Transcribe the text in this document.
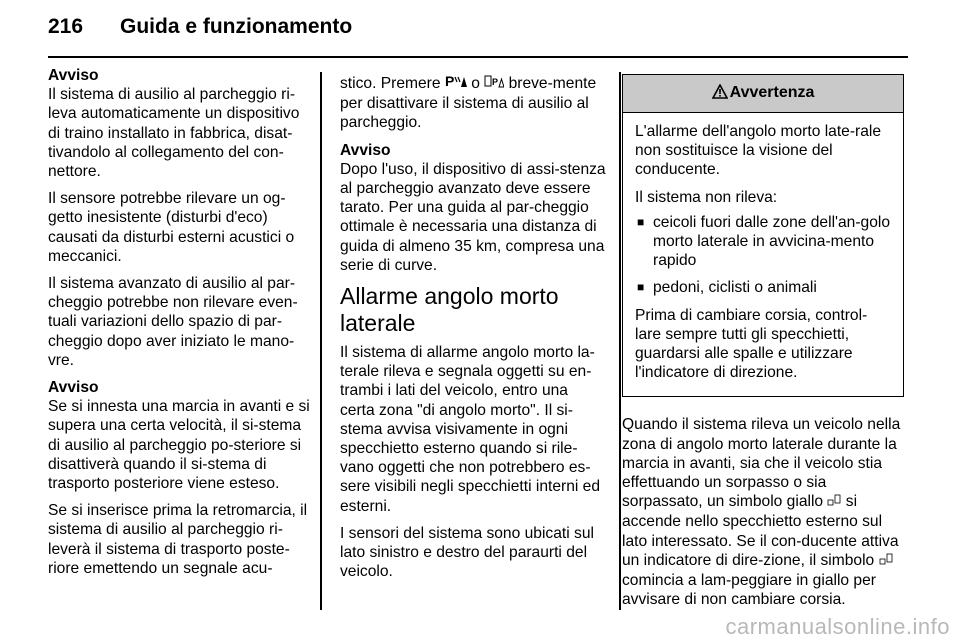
216 Guida e funzionamento
Avviso

Il sistema di ausilio al parcheggio ri-leva automaticamente un dispositivo di traino installato in fabbrica, disat-tivandolo al collegamento del con-nettore.

Il sensore potrebbe rilevare un og-getto inesistente (disturbi d'eco) causati da disturbi esterni acustici o meccanici.

Il sistema avanzato di ausilio al par-cheggio potrebbe non rilevare even-tuali variazioni dello spazio di par-cheggio dopo aver iniziato le mano-vre.

Avviso

Se si innesta una marcia in avanti e si supera una certa velocità, il si-stema di ausilio al parcheggio po-steriore si disattiverà quando il si-stema di trasporto posteriore viene esteso.

Se si inserisce prima la retromarcia, il sistema di ausilio al parcheggio ri-leverà il sistema di trasporto poste-riore emettendo un segnale acu-

stico. Premere P o P breve-mente per disattivare il sistema di ausilio al parcheggio.

Avviso

Dopo l'uso, il dispositivo di assi-stenza al parcheggio avanzato deve essere tarato. Per una guida al par-cheggio ottimale è necessaria una distanza di guida di almeno 35 km, compresa una serie di curve.

Allarme angolo morto laterale

Il sistema di allarme angolo morto la-terale rileva e segnala oggetti su en-trambi i lati del veicolo, entro una certa zona "di angolo morto". Il si-stema avvisa visivamente in ogni specchietto esterno quando si rile-vano oggetti che non potrebbero es-sere visibili negli specchietti interni ed esterni.

I sensori del sistema sono ubicati sul lato sinistro e destro del paraurti del veicolo.

Avvertenza

L'allarme dell'angolo morto late-rale non sostituisce la visione del conducente.

Il sistema non rileva:

■ ceicoli fuori dalle zone dell'an-golo morto laterale in avvicina-mento rapido
■ pedoni, ciclisti o animali

Prima di cambiare corsia, control-lare sempre tutti gli specchietti, guardarsi alle spalle e utilizzare l'indicatore di direzione.

Quando il sistema rileva un veicolo nella zona di angolo morto laterale durante la marcia in avanti, sia che il veicolo stia effettuando un sorpasso o sia sorpassato, un simbolo giallo si accende nello specchietto esterno sul lato interessato. Se il con-ducente attiva un indicatore di dire-zione, il simbolo  comincia a lam-peggiare in giallo per avvisare di non cambiare corsia.

carmanualsonline.info
